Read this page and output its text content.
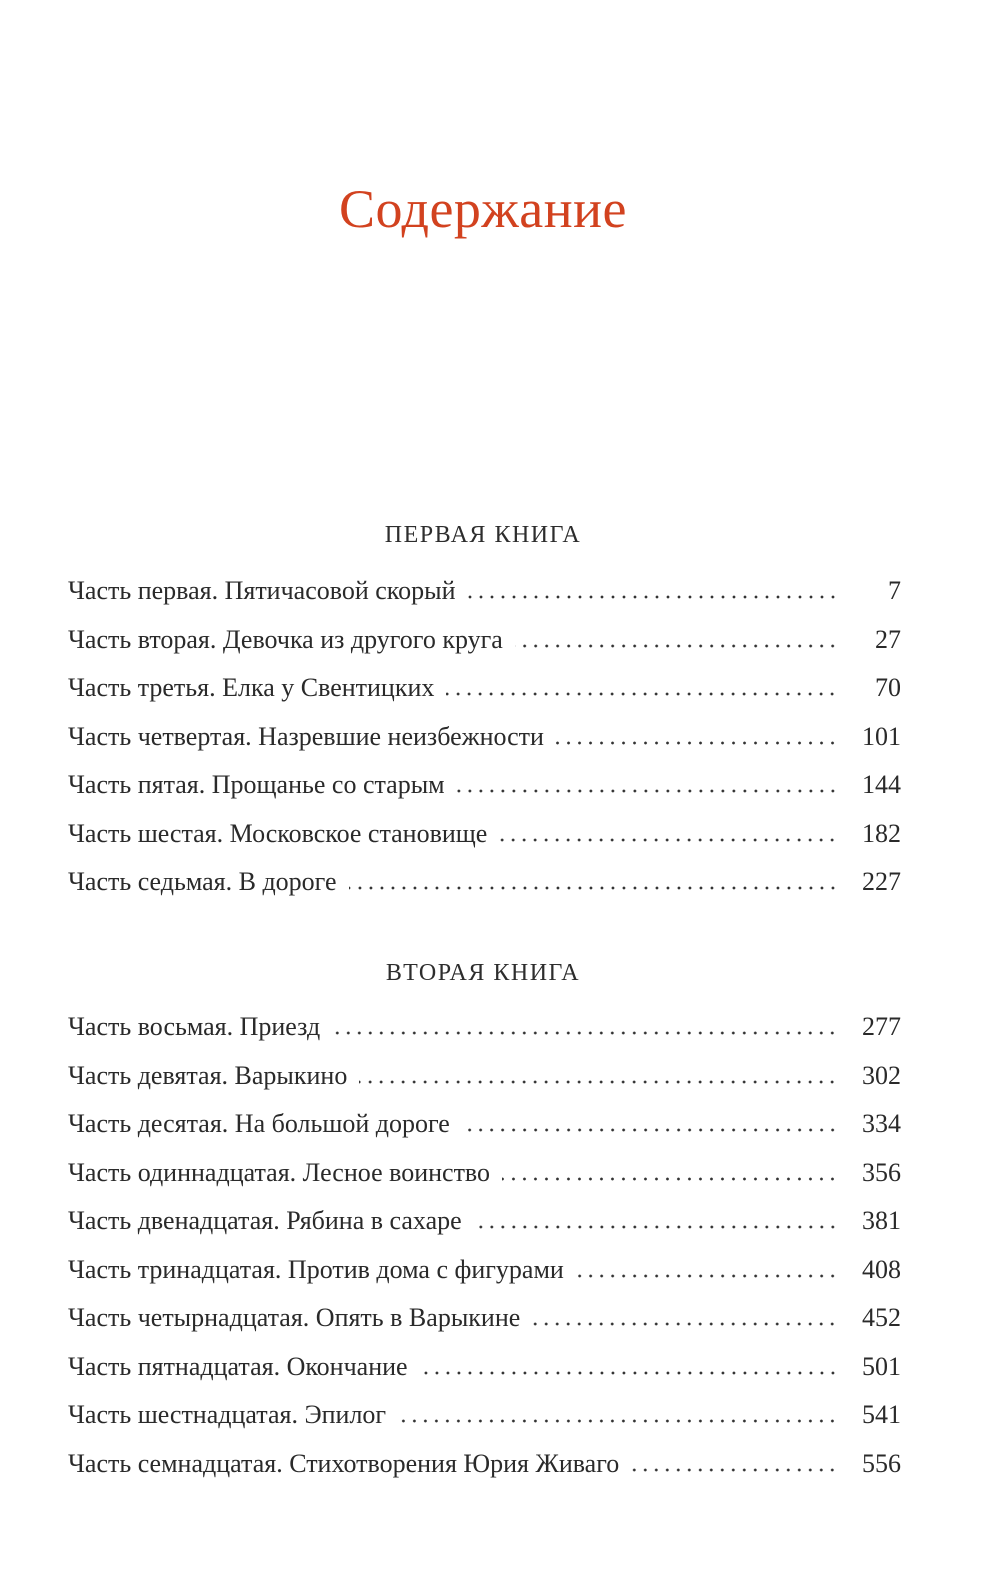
Содержание
ПЕРВАЯ КНИГА
Часть первая. Пятичасовой скорый	7
Часть вторая. Девочка из другого круга	27
Часть третья. Елка у Свентицких	70
Часть четвертая. Назревшие неизбежности	101
Часть пятая. Прощанье со старым	144
Часть шестая. Московское становище	182
Часть седьмая. В дороге	227
ВТОРАЯ КНИГА
Часть восьмая. Приезд	277
Часть девятая. Варыкино	302
Часть десятая. На большой дороге	334
Часть одиннадцатая. Лесное воинство	356
Часть двенадцатая. Рябина в сахаре	381
Часть тринадцатая. Против дома с фигурами	408
Часть четырнадцатая. Опять в Варыкине	452
Часть пятнадцатая. Окончание	501
Часть шестнадцатая. Эпилог	541
Часть семнадцатая. Стихотворения Юрия Живаго	556
